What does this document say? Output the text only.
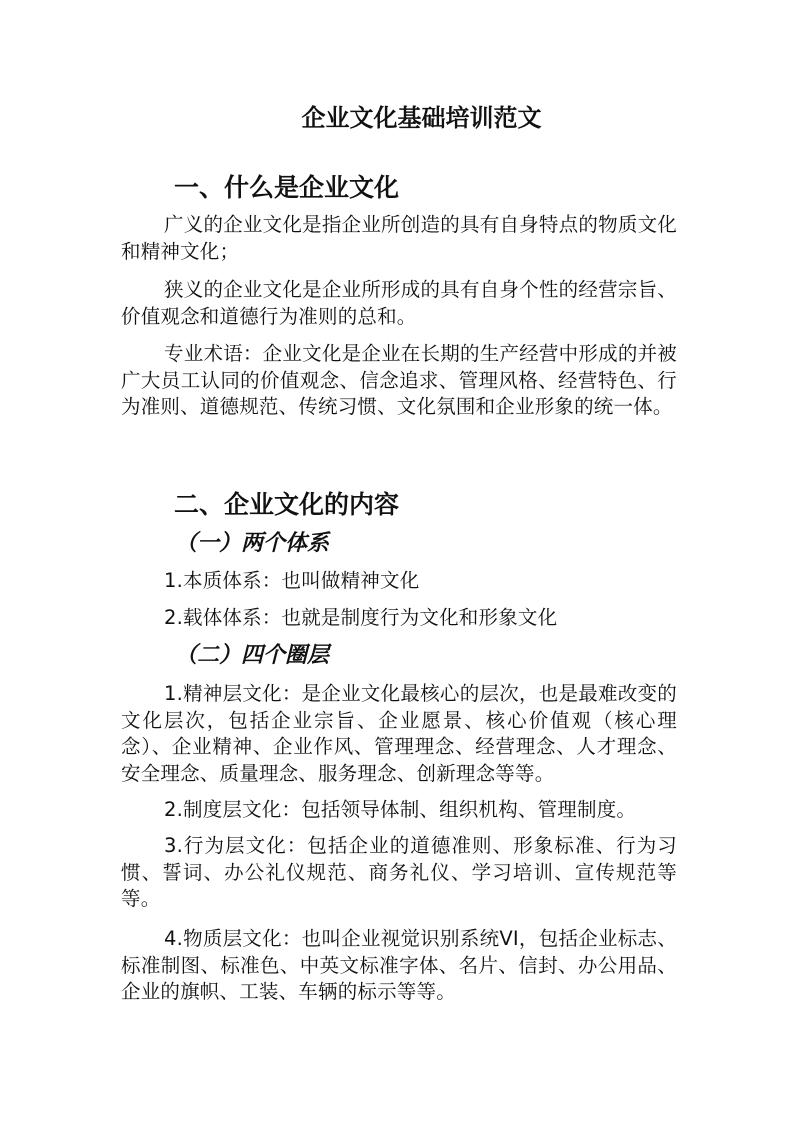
企业文化基础培训范文
一、什么是企业文化

广义的企业文化是指企业所创造的具有自身特点的物质文化和精神文化；

狭义的企业文化是企业所形成的具有自身个性的经营宗旨、价值观念和道德行为准则的总和。

专业术语：企业文化是企业在长期的生产经营中形成的并被广大员工认同的价值观念、信念追求、管理风格、经营特色、行为准则、道德规范、传统习惯、文化氛围和企业形象的统一体。

二、企业文化的内容
（一）两个体系

1.本质体系：也叫做精神文化

2.载体体系：也就是制度行为文化和形象文化

（二）四个圈层

1.精神层文化：是企业文化最核心的层次，也是最难改变的文化层次，包括企业宗旨、企业愿景、核心价值观（核心理念）、企业精神、企业作风、管理理念、经营理念、人才理念、安全理念、质量理念、服务理念、创新理念等等。

2.制度层文化：包括领导体制、组织机构、管理制度。

3.行为层文化：包括企业的道德准则、形象标准、行为习惯、誓词、办公礼仪规范、商务礼仪、学习培训、宣传规范等等。

4.物质层文化：也叫企业视觉识别系统VI，包括企业标志、标准制图、标准色、中英文标准字体、名片、信封、办公用品、企业的旗帜、工装、车辆的标示等等。
